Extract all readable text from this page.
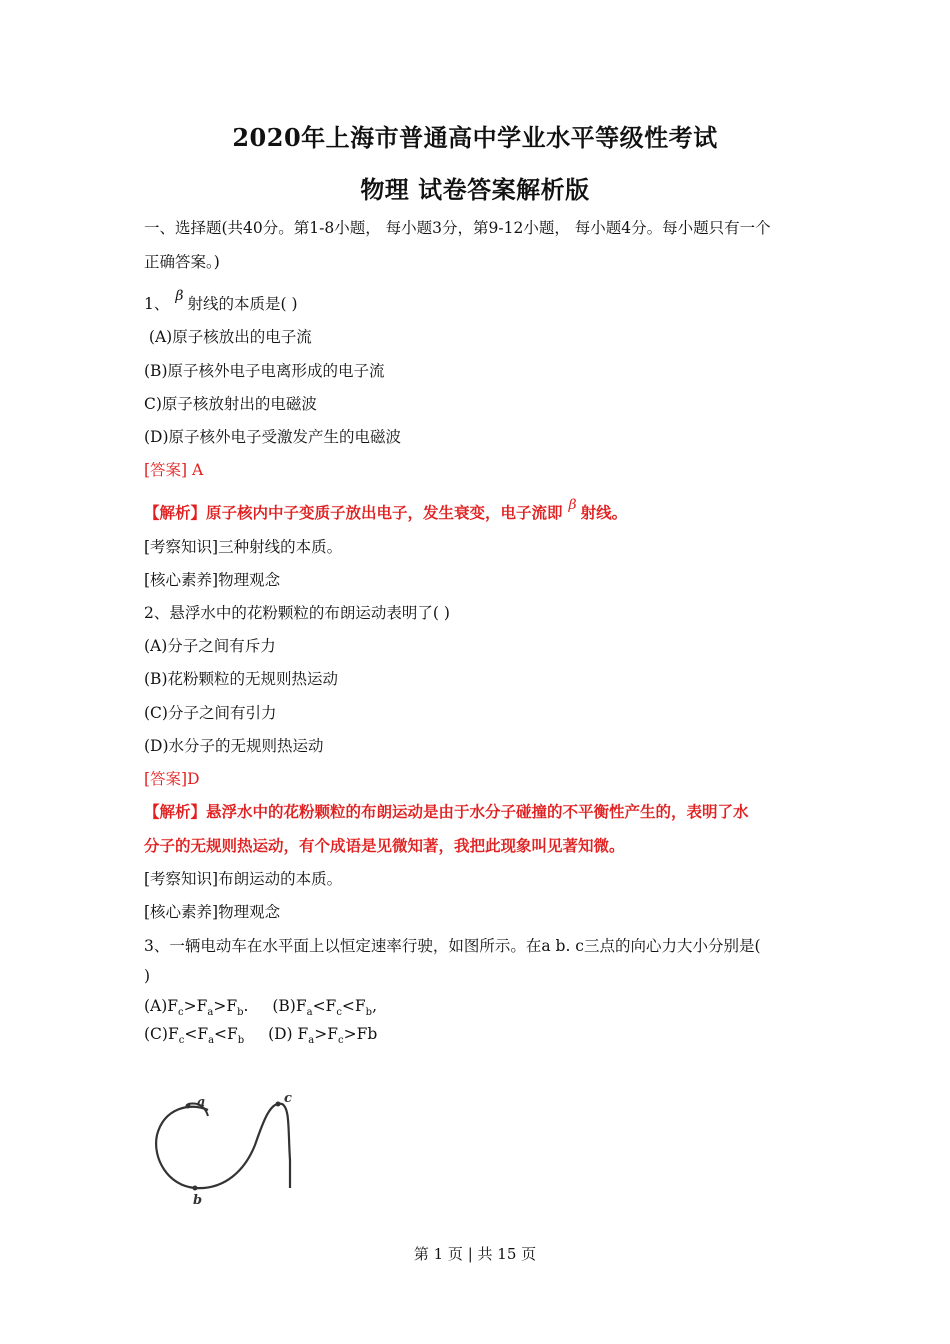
2020年上海市普通高中学业水平等级性考试
物理 试卷答案解析版
一、选择题(共40分。第1-8小题， 每小题3分，第9-12小题， 每小题4分。每小题只有一个
正确答案。)
1、 β 射线的本质是( )
(A)原子核放出的电子流
(B)原子核外电子电离形成的电子流
C)原子核放射出的电磁波
(D)原子核外电子受激发产生的电磁波
[答案] A
【解析】原子核内中子变质子放出电子，发生衰变，电子流即 β 射线。
[考察知识]三种射线的本质。
[核心素养]物理观念
2、悬浮水中的花粉颗粒的布朗运动表明了( )
(A)分子之间有斥力
(B)花粉颗粒的无规则热运动
(C)分子之间有引力
(D)水分子的无规则热运动
[答案]D
【解析】悬浮水中的花粉颗粒的布朗运动是由于水分子碰撞的不平衡性产生的，表明了水
分子的无规则热运动，有个成语是见微知著，我把此现象叫见著知微。
[考察知识]布朗运动的本质。
[核心素养]物理观念
3、一辆电动车在水平面上以恒定速率行驶，如图所示。在a b. c三点的向心力大小分别是(
)
$(A)F_c>F_a>F_b$. $(B)F_a<F_c<F_b$,
$(C)F_c<F_a<F_b$ (D) $F_a>F_c>Fb$
a
b
c
第 1 页 | 共 15 页
